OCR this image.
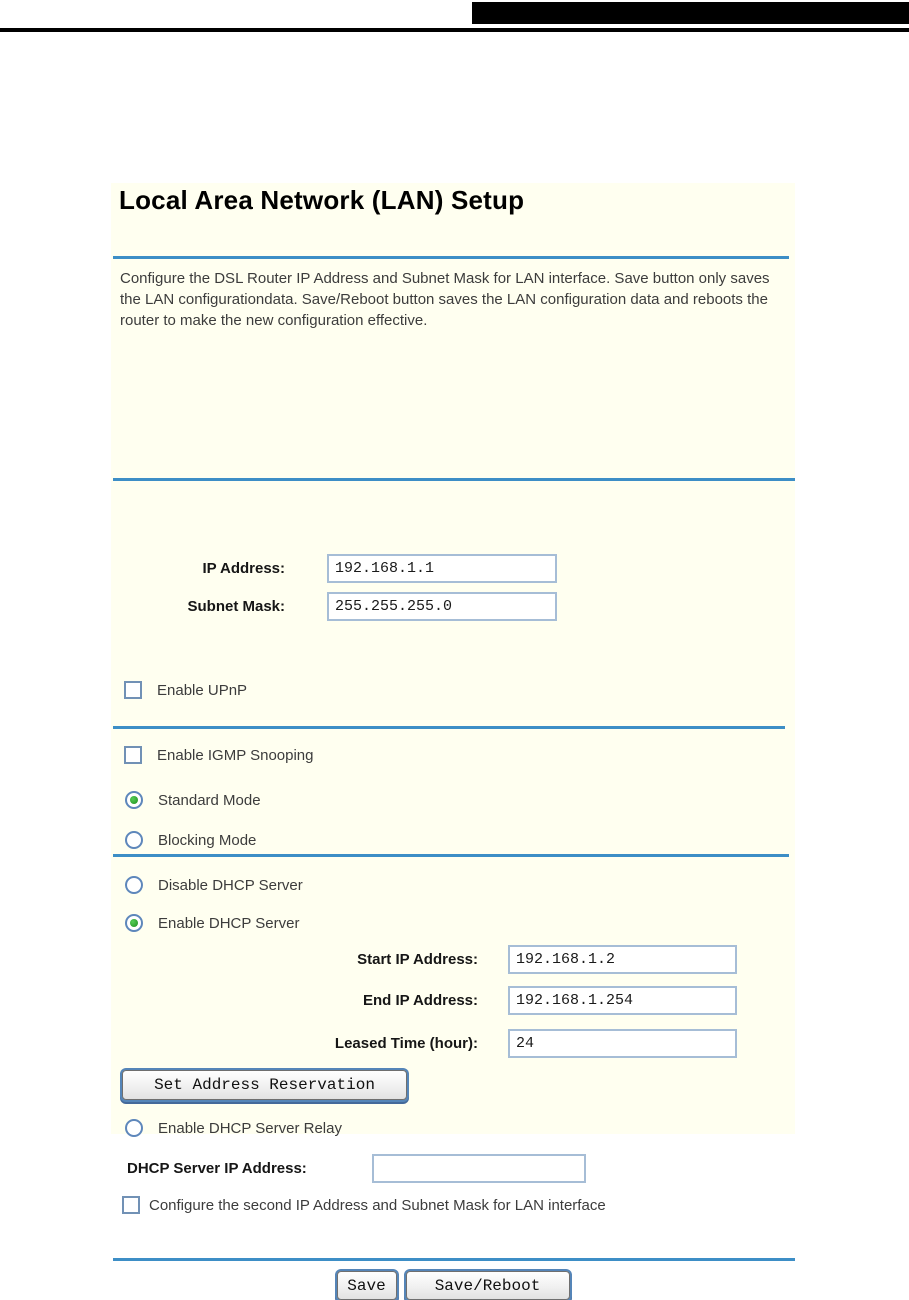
Local Area Network (LAN) Setup

Configure the DSL Router IP Address and Subnet Mask for LAN interface. Save button only saves the LAN configurationdata. Save/Reboot button saves the LAN configuration data and reboots the router to make the new configuration effective.

IP Address:
192.168.1.1
Subnet Mask:
255.255.255.0
Enable UPnP
Enable IGMP Snooping
Standard Mode
Blocking Mode
Disable DHCP Server
Enable DHCP Server
Start IP Address:
192.168.1.2
End IP Address:
192.168.1.254
Leased Time (hour):
24
Set Address Reservation
Enable DHCP Server Relay
DHCP Server IP Address:
Configure the second IP Address and Subnet Mask for LAN interface
Save	Save/Reboot
